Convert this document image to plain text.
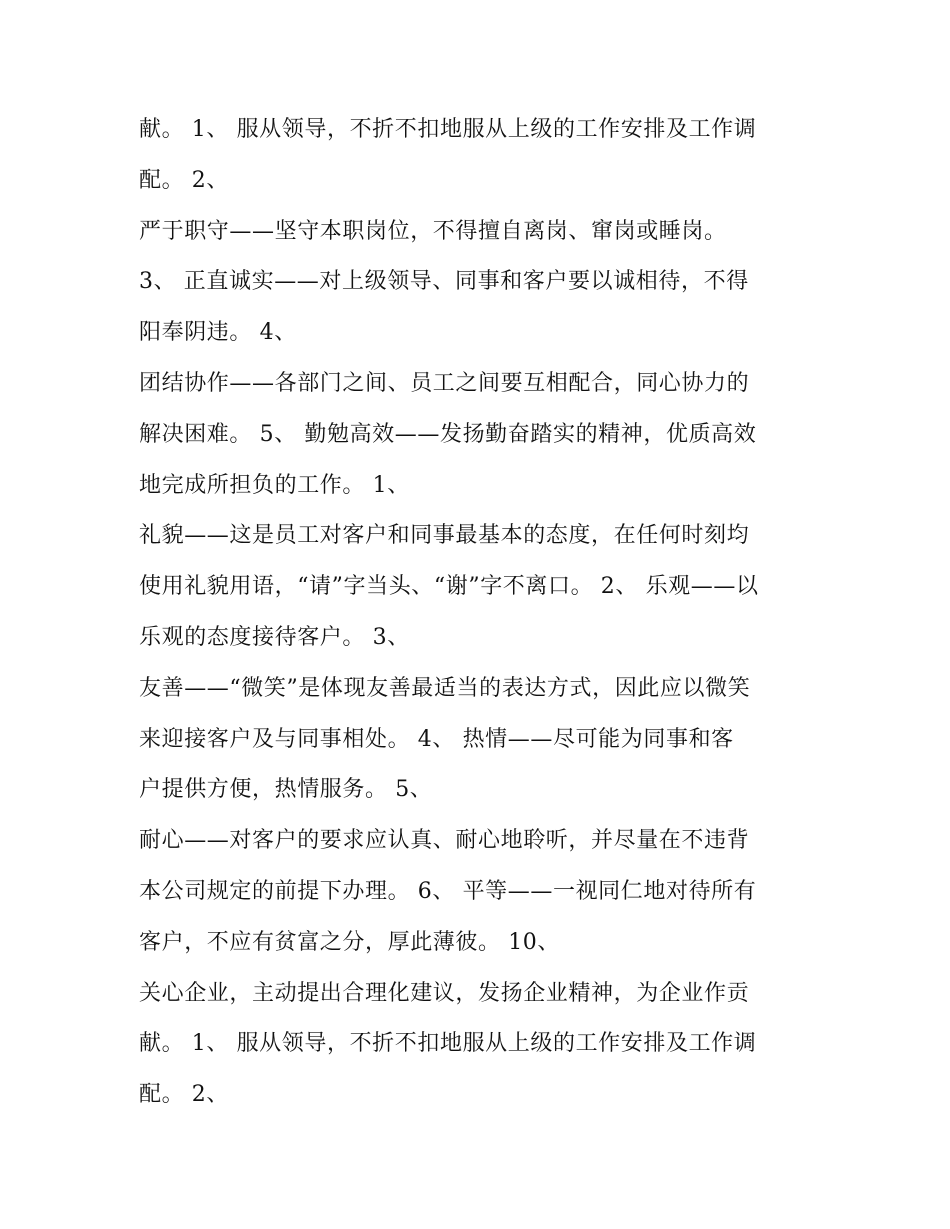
献。 1、 服从领导，不折不扣地服从上级的工作安排及工作调
配。 2、
严于职守——坚守本职岗位，不得擅自离岗、窜岗或睡岗。
3、 正直诚实——对上级领导、同事和客户要以诚相待，不得
阳奉阴违。 4、
团结协作——各部门之间、员工之间要互相配合，同心协力的
解决困难。 5、 勤勉高效——发扬勤奋踏实的精神，优质高效
地完成所担负的工作。 1、
礼貌——这是员工对客户和同事最基本的态度，在任何时刻均
使用礼貌用语，“请”字当头、“谢”字不离口。 2、 乐观——以
乐观的态度接待客户。 3、
友善——“微笑”是体现友善最适当的表达方式，因此应以微笑
来迎接客户及与同事相处。 4、 热情——尽可能为同事和客
户提供方便，热情服务。 5、
耐心——对客户的要求应认真、耐心地聆听，并尽量在不违背
本公司规定的前提下办理。 6、 平等——一视同仁地对待所有
客户，不应有贫富之分，厚此薄彼。 10、
关心企业，主动提出合理化建议，发扬企业精神，为企业作贡
献。 1、 服从领导，不折不扣地服从上级的工作安排及工作调
配。 2、
